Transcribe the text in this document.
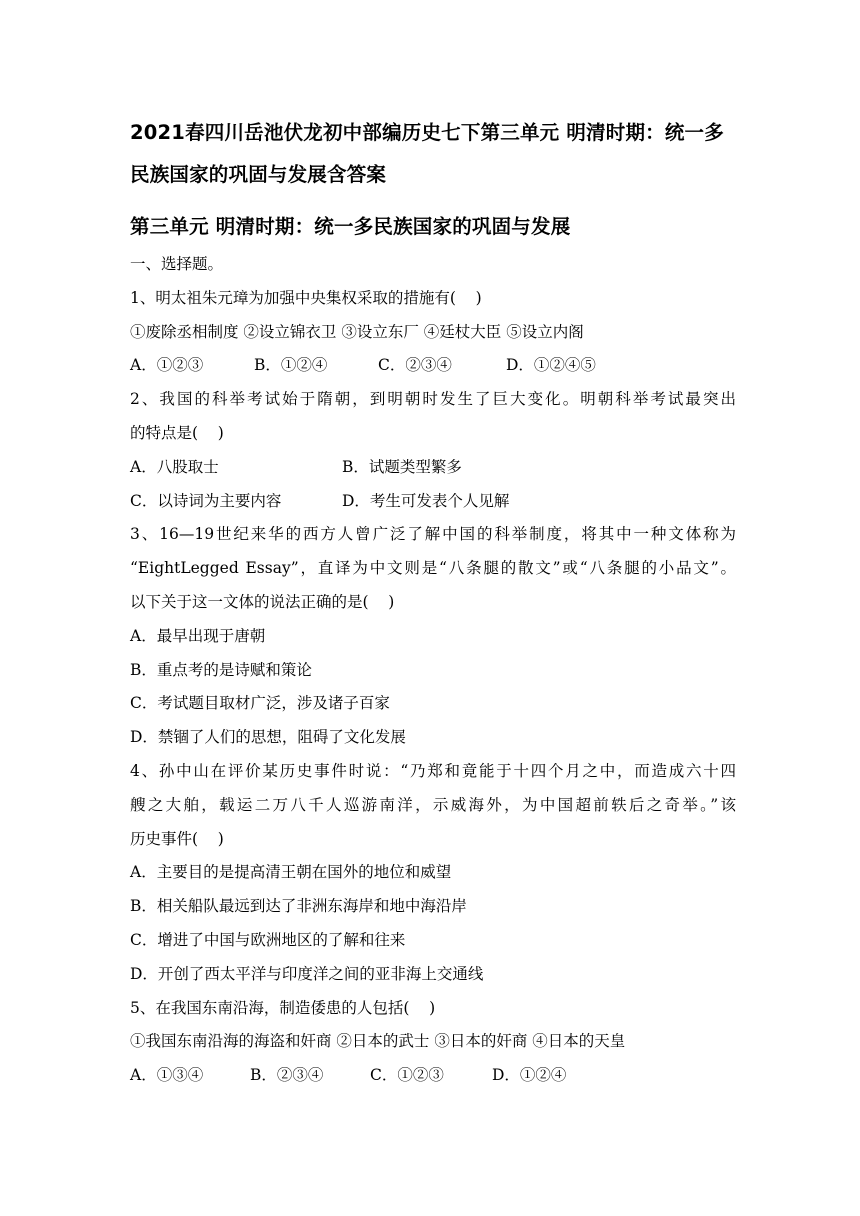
2021春四川岳池伏龙初中部编历史七下第三单元 明清时期：统一多

民族国家的巩固与发展含答案

第三单元 明清时期：统一多民族国家的巩固与发展

一、选择题。

1、明太祖朱元璋为加强中央集权采取的措施有(    )

①废除丞相制度 ②设立锦衣卫 ③设立东厂 ④廷杖大臣 ⑤设立内阁

A．①②③	B．①②④	C．②③④	D．①②④⑤

2、我国的科举考试始于隋朝，到明朝时发生了巨大变化。明朝科举考试最突出

的特点是(    )

A．八股取士	B．试题类型繁多
C．以诗词为主要内容	D．考生可发表个人见解

3、16—19世纪来华的西方人曾广泛了解中国的科举制度，将其中一种文体称为

“EightLegged Essay”，直译为中文则是“八条腿的散文”或“八条腿的小品文”。

以下关于这一文体的说法正确的是(    )

A．最早出现于唐朝

B．重点考的是诗赋和策论

C．考试题目取材广泛，涉及诸子百家

D．禁锢了人们的思想，阻碍了文化发展

4、孙中山在评价某历史事件时说：“乃郑和竟能于十四个月之中，而造成六十四

艘之大舶，载运二万八千人巡游南洋，示威海外，为中国超前轶后之奇举。”该

历史事件(    )

A．主要目的是提高清王朝在国外的地位和威望

B．相关船队最远到达了非洲东海岸和地中海沿岸

C．增进了中国与欧洲地区的了解和往来

D．开创了西太平洋与印度洋之间的亚非海上交通线

5、在我国东南沿海，制造倭患的人包括(    )

①我国东南沿海的海盗和奸商 ②日本的武士 ③日本的奸商 ④日本的天皇

A．①③④	B．②③④	C．①②③	D．①②④
